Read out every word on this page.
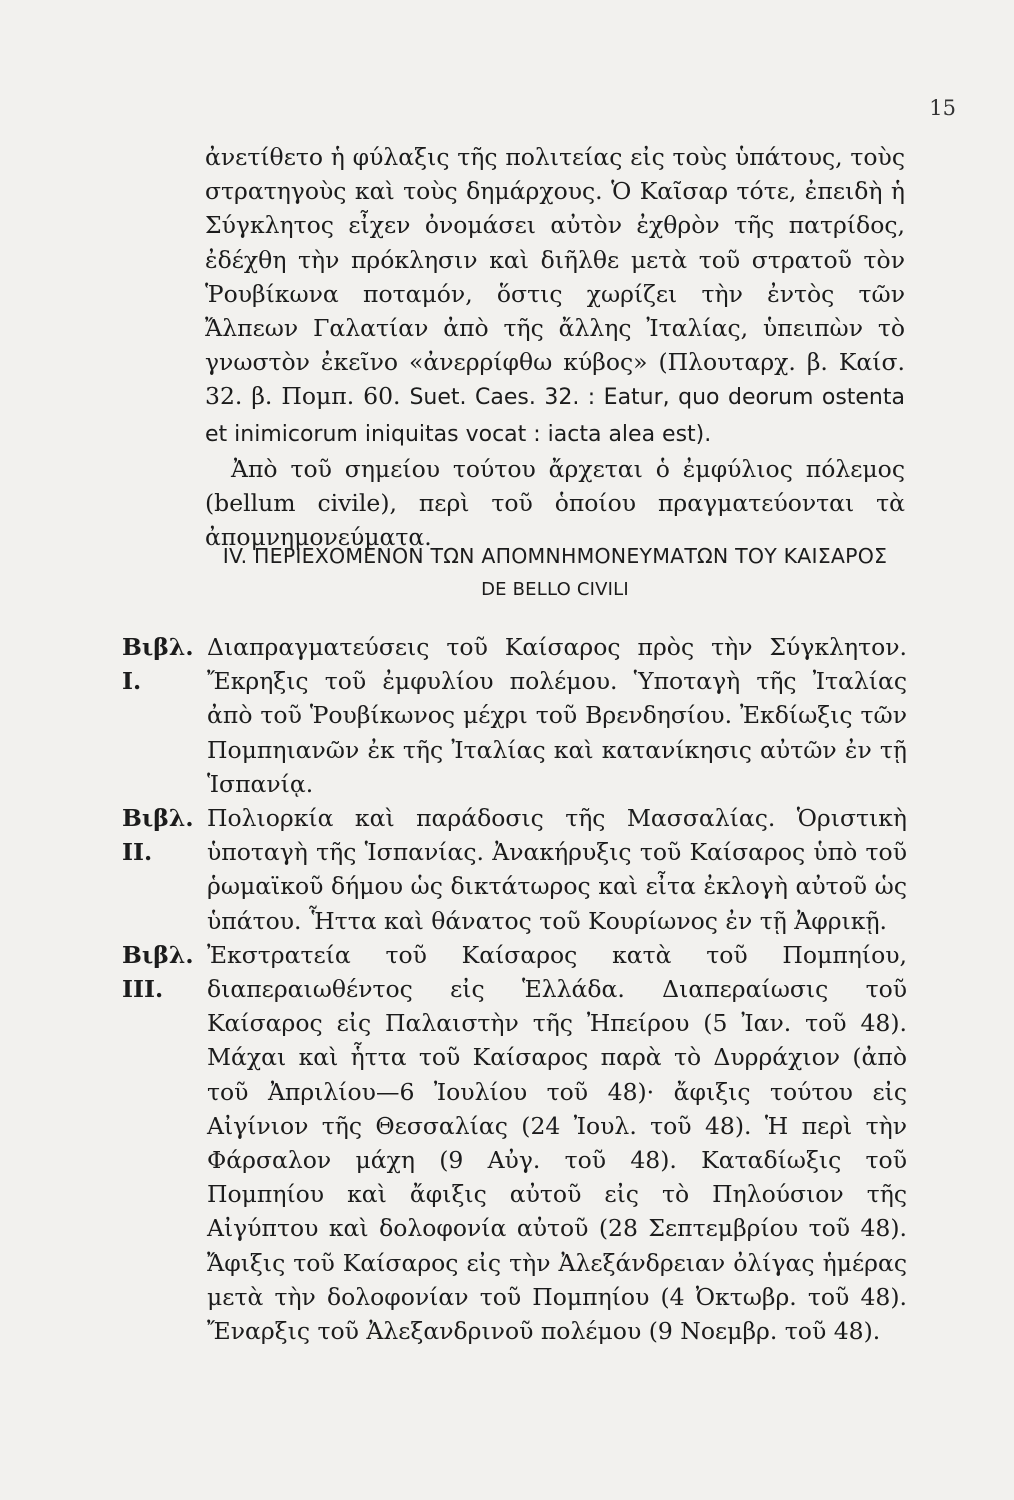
15

ἀνετίθετο ἡ φύλαξις τῆς πολιτείας εἰς τοὺς ὑπάτους, τοὺς στρατηγοὺς καὶ τοὺς δημάρχους. Ὁ Καῖσαρ τότε, ἐπειδὴ ἡ Σύγκλητος εἶχεν ὀνομάσει αὐτὸν ἐχθρὸν τῆς πατρίδος, ἐδέχθη τὴν πρόκλησιν καὶ διῆλθε μετὰ τοῦ στρατοῦ τὸν Ῥουβίκωνα ποταμόν, ὅστις χωρίζει τὴν ἐντὸς τῶν Ἄλπεων Γαλατίαν ἀπὸ τῆς ἄλλης Ἰταλίας, ὑπειπὼν τὸ γνωστὸν ἐκεῖνο «ἀνερρίφθω κύβος» (Πλουταρχ. β. Καίσ. 32. β. Πομπ. 60. Suet. Caes. 32. : Eatur, quo deorum ostenta et inimicorum iniquitas vocat : iacta alea est).

Ἀπὸ τοῦ σημείου τούτου ἄρχεται ὁ ἐμφύλιος πόλεμος (bellum civile), περὶ τοῦ ὁποίου πραγματεύονται τὰ ἀπομνημονεύματα.

IV. ΠΕΡΙΕΧΟΜΕΝΟΝ ΤΩΝ ΑΠΟΜΝΗΜΟΝΕΥΜΑΤΩΝ ΤΟΥ ΚΑΙΣΑΡΟΣ
DE BELLO CIVILI
Βιβλ. I.
Διαπραγματεύσεις τοῦ Καίσαρος πρὸς τὴν Σύγκλητον. Ἔκρηξις τοῦ ἐμφυλίου πολέμου. Ὑποταγὴ τῆς Ἰταλίας ἀπὸ τοῦ Ῥουβίκωνος μέχρι τοῦ Βρενδησίου. Ἐκδίωξις τῶν Πομπηιανῶν ἐκ τῆς Ἰταλίας καὶ κατανίκησις αὐτῶν ἐν τῇ Ἱσπανίᾳ.
Βιβλ. II.
Πολιορκία καὶ παράδοσις τῆς Μασσαλίας. Ὁριστικὴ ὑποταγὴ τῆς Ἱσπανίας. Ἀνακήρυξις τοῦ Καίσαρος ὑπὸ τοῦ ῥωμαϊκοῦ δήμου ὡς δικτάτωρος καὶ εἶτα ἐκλογὴ αὐτοῦ ὡς ὑπάτου. Ἧττα καὶ θάνατος τοῦ Κουρίωνος ἐν τῇ Ἀφρικῇ.
Βιβλ. III.
Ἐκστρατεία τοῦ Καίσαρος κατὰ τοῦ Πομπηίου, διαπεραιωθέντος εἰς Ἑλλάδα. Διαπεραίωσις τοῦ Καίσαρος εἰς Παλαιστὴν τῆς Ἠπείρου (5 Ἰαν. τοῦ 48). Μάχαι καὶ ἧττα τοῦ Καίσαρος παρὰ τὸ Δυρράχιον (ἀπὸ τοῦ Ἀπριλίου—6 Ἰουλίου τοῦ 48)· ἄφιξις τούτου εἰς Αἰγίνιον τῆς Θεσσαλίας (24 Ἰουλ. τοῦ 48). Ἡ περὶ τὴν Φάρσαλον μάχη (9 Αὐγ. τοῦ 48). Καταδίωξις τοῦ Πομπηίου καὶ ἄφιξις αὐτοῦ εἰς τὸ Πηλούσιον τῆς Αἰγύπτου καὶ δολοφονία αὐτοῦ (28 Σεπτεμβρίου τοῦ 48). Ἄφιξις τοῦ Καίσαρος εἰς τὴν Ἀλεξάνδρειαν ὀλίγας ἡμέρας μετὰ τὴν δολοφονίαν τοῦ Πομπηίου (4 Ὀκτωβρ. τοῦ 48). Ἔναρξις τοῦ Ἀλεξανδρινοῦ πολέμου (9 Νοεμβρ. τοῦ 48).
